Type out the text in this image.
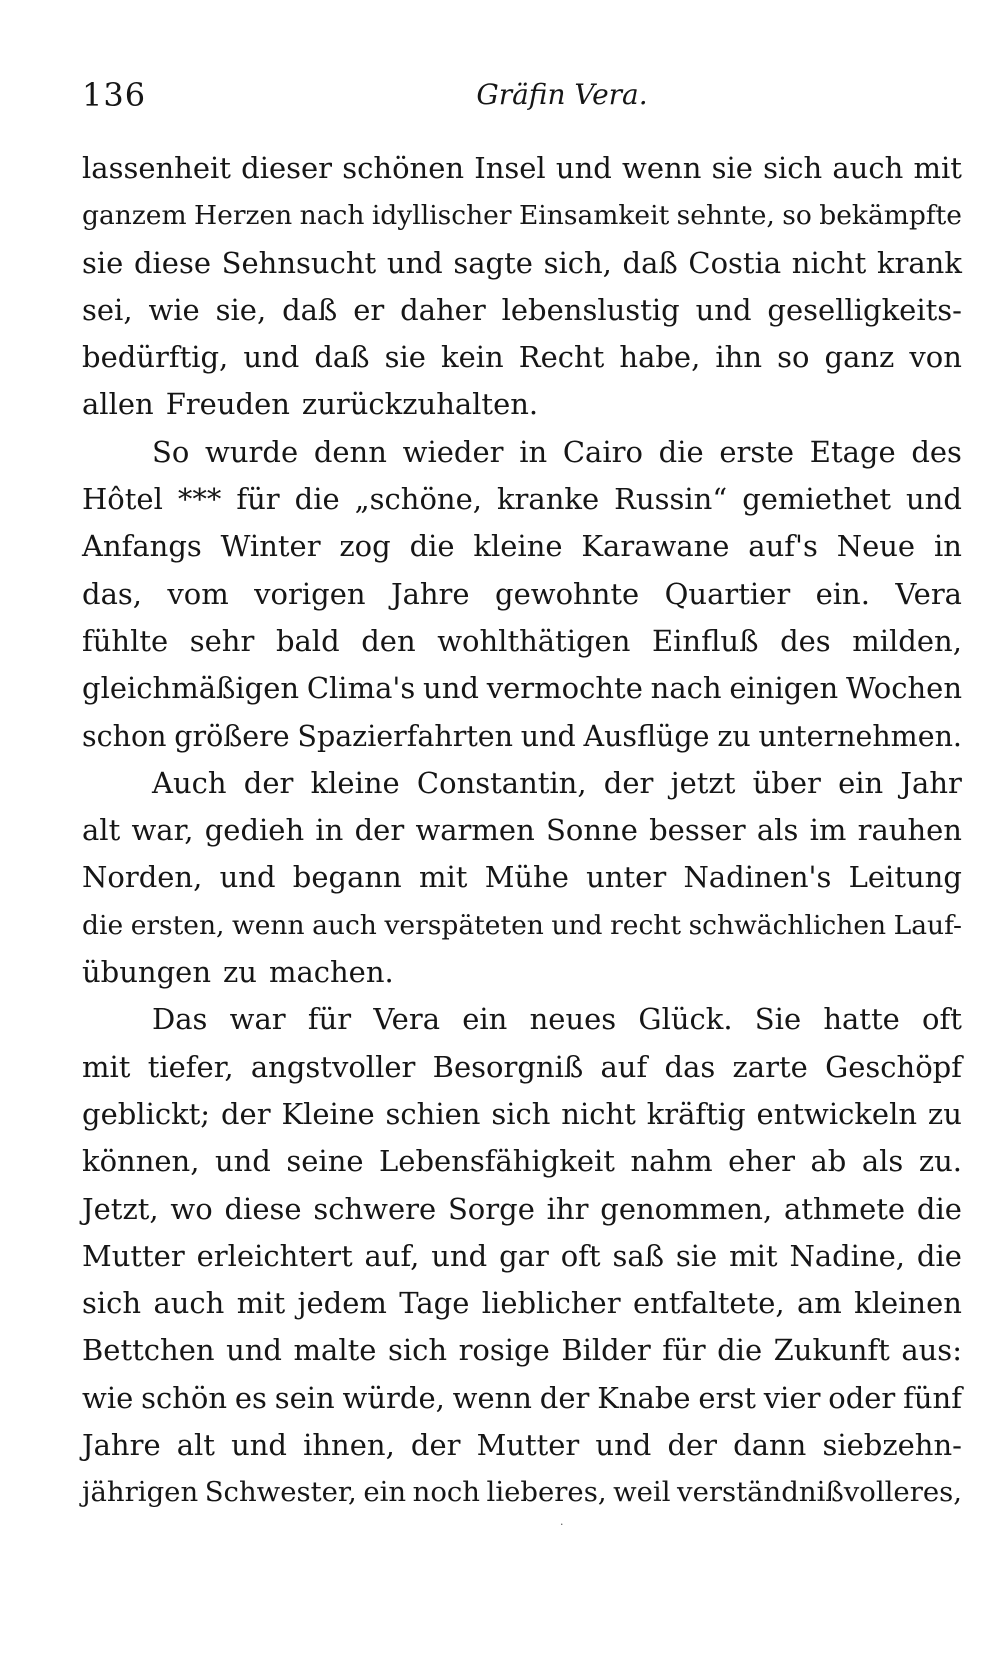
136	Gräfin Vera.
lassenheit dieser schönen Insel und wenn sie sich auch mit
ganzem Herzen nach idyllischer Einsamkeit sehnte, so bekämpfte
sie diese Sehnsucht und sagte sich, daß Costia nicht krank
sei, wie sie, daß er daher lebenslustig und geselligkeits-
bedürftig, und daß sie kein Recht habe, ihn so ganz von
allen Freuden zurückzuhalten.
So wurde denn wieder in Cairo die erste Etage des
Hôtel *** für die „schöne, kranke Russin“ gemiethet und
Anfangs Winter zog die kleine Karawane auf's Neue in
das, vom vorigen Jahre gewohnte Quartier ein. Vera
fühlte sehr bald den wohlthätigen Einfluß des milden,
gleichmäßigen Clima's und vermochte nach einigen Wochen
schon größere Spazierfahrten und Ausflüge zu unternehmen.
Auch der kleine Constantin, der jetzt über ein Jahr
alt war, gedieh in der warmen Sonne besser als im rauhen
Norden, und begann mit Mühe unter Nadinen's Leitung
die ersten, wenn auch verspäteten und recht schwächlichen Lauf-
übungen zu machen.
Das war für Vera ein neues Glück. Sie hatte oft
mit tiefer, angstvoller Besorgniß auf das zarte Geschöpf
geblickt; der Kleine schien sich nicht kräftig entwickeln zu
können, und seine Lebensfähigkeit nahm eher ab als zu.
Jetzt, wo diese schwere Sorge ihr genommen, athmete die
Mutter erleichtert auf, und gar oft saß sie mit Nadine, die
sich auch mit jedem Tage lieblicher entfaltete, am kleinen
Bettchen und malte sich rosige Bilder für die Zukunft aus:
wie schön es sein würde, wenn der Knabe erst vier oder fünf
Jahre alt und ihnen, der Mutter und der dann siebzehn-
jährigen Schwester, ein noch lieberes, weil verständnißvolleres,
·
